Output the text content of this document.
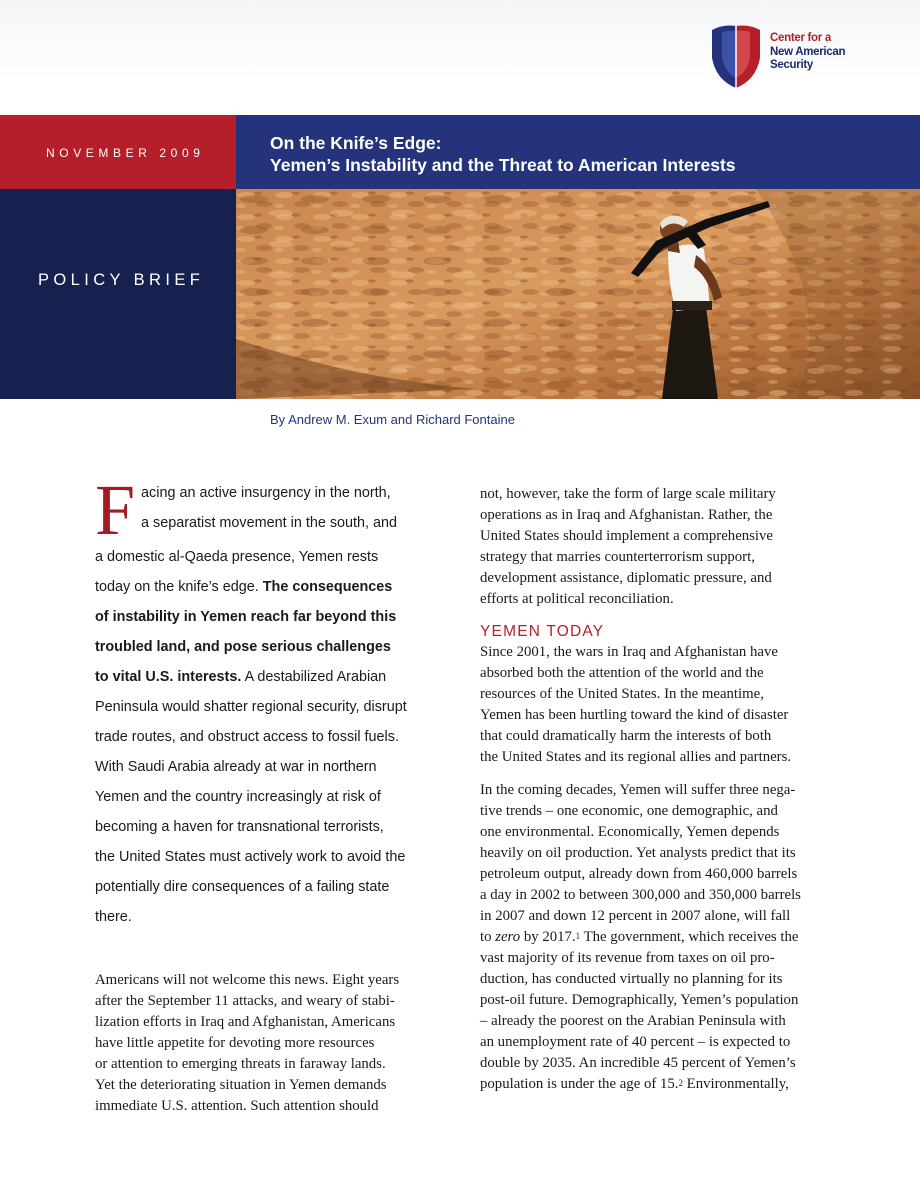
Center for a
New American
Security
NOVEMBER 2009	On the Knife’s Edge:
Yemen’s Instability and the Threat to American Interests
POLICY BRIEF
By Andrew M. Exum and Richard Fontaine
F acing an active insurgency in the north,
a separatist movement in the south, and
a domestic al-Qaeda presence, Yemen rests
today on the knife’s edge. The consequences
of instability in Yemen reach far beyond this
troubled land, and pose serious challenges
to vital U.S. interests. A destabilized Arabian
Peninsula would shatter regional security, disrupt
trade routes, and obstruct access to fossil fuels.
With Saudi Arabia already at war in northern
Yemen and the country increasingly at risk of
becoming a haven for transnational terrorists,
the United States must actively work to avoid the
potentially dire consequences of a failing state
there.
Americans will not welcome this news. Eight years
after the September 11 attacks, and weary of stabi-
lization efforts in Iraq and Afghanistan, Americans
have little appetite for devoting more resources
or attention to emerging threats in faraway lands.
Yet the deteriorating situation in Yemen demands
immediate U.S. attention. Such attention should
not, however, take the form of large scale military
operations as in Iraq and Afghanistan. Rather, the
United States should implement a comprehensive
strategy that marries counterterrorism support,
development assistance, diplomatic pressure, and
efforts at political reconciliation.
YEMEN TODAY
Since 2001, the wars in Iraq and Afghanistan have
absorbed both the attention of the world and the
resources of the United States. In the meantime,
Yemen has been hurtling toward the kind of disaster
that could dramatically harm the interests of both
the United States and its regional allies and partners.
In the coming decades, Yemen will suffer three nega-
tive trends – one economic, one demographic, and
one environmental. Economically, Yemen depends
heavily on oil production. Yet analysts predict that its
petroleum output, already down from 460,000 barrels
a day in 2002 to between 300,000 and 350,000 barrels
in 2007 and down 12 percent in 2007 alone, will fall
to zero by 2017.$^1$ The government, which receives the
vast majority of its revenue from taxes on oil pro-
duction, has conducted virtually no planning for its
post-oil future. Demographically, Yemen’s population
– already the poorest on the Arabian Peninsula with
an unemployment rate of 40 percent – is expected to
double by 2035. An incredible 45 percent of Yemen’s
population is under the age of 15.$^2$ Environmentally,
